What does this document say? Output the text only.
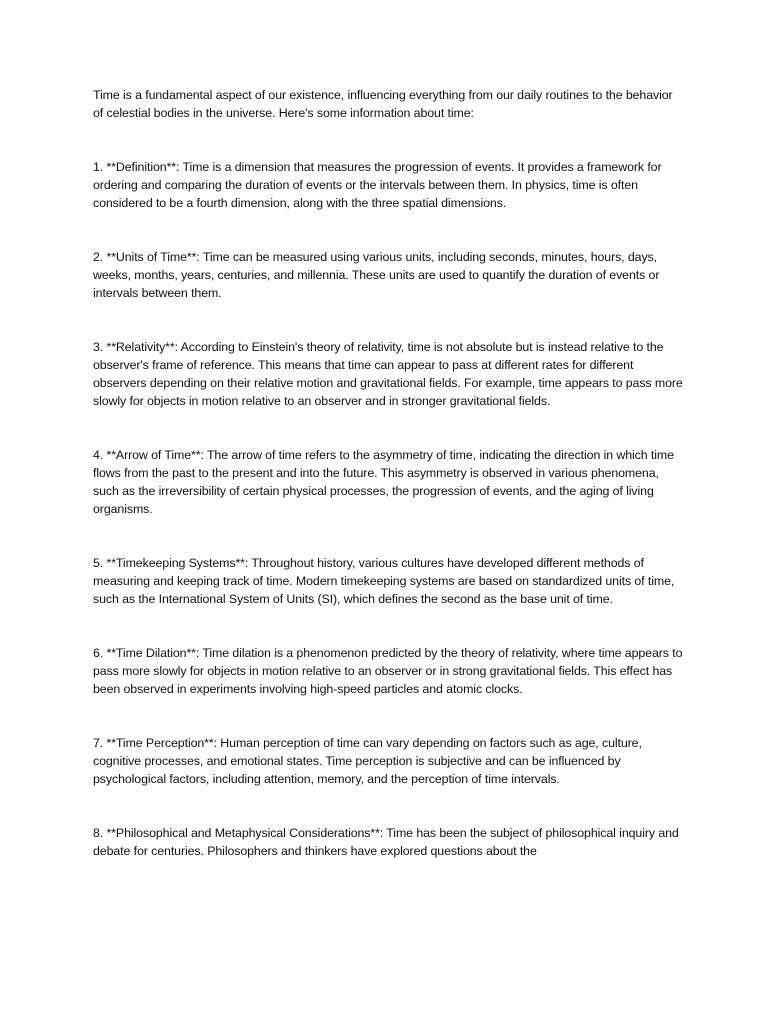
Time is a fundamental aspect of our existence, influencing everything from our daily routines to the behavior of celestial bodies in the universe. Here's some information about time:

1. **Definition**: Time is a dimension that measures the progression of events. It provides a framework for ordering and comparing the duration of events or the intervals between them. In physics, time is often considered to be a fourth dimension, along with the three spatial dimensions.

2. **Units of Time**: Time can be measured using various units, including seconds, minutes, hours, days, weeks, months, years, centuries, and millennia. These units are used to quantify the duration of events or intervals between them.

3. **Relativity**: According to Einstein's theory of relativity, time is not absolute but is instead relative to the observer's frame of reference. This means that time can appear to pass at different rates for different observers depending on their relative motion and gravitational fields. For example, time appears to pass more slowly for objects in motion relative to an observer and in stronger gravitational fields.

4. **Arrow of Time**: The arrow of time refers to the asymmetry of time, indicating the direction in which time flows from the past to the present and into the future. This asymmetry is observed in various phenomena, such as the irreversibility of certain physical processes, the progression of events, and the aging of living organisms.

5. **Timekeeping Systems**: Throughout history, various cultures have developed different methods of measuring and keeping track of time. Modern timekeeping systems are based on standardized units of time, such as the International System of Units (SI), which defines the second as the base unit of time.

6. **Time Dilation**: Time dilation is a phenomenon predicted by the theory of relativity, where time appears to pass more slowly for objects in motion relative to an observer or in strong gravitational fields. This effect has been observed in experiments involving high-speed particles and atomic clocks.

7. **Time Perception**: Human perception of time can vary depending on factors such as age, culture, cognitive processes, and emotional states. Time perception is subjective and can be influenced by psychological factors, including attention, memory, and the perception of time intervals.

8. **Philosophical and Metaphysical Considerations**: Time has been the subject of philosophical inquiry and debate for centuries. Philosophers and thinkers have explored questions about the
